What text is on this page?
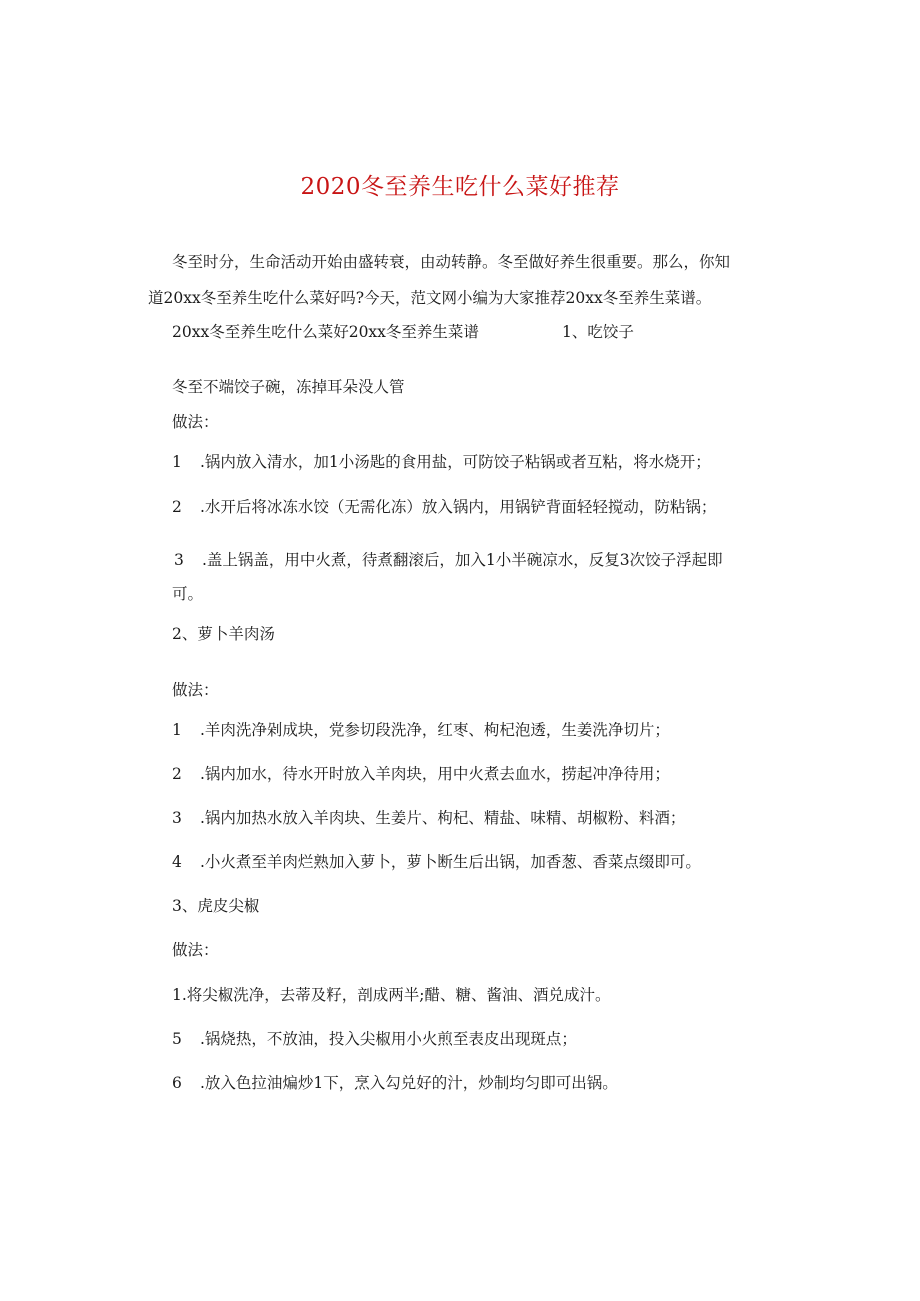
2020冬至养生吃什么菜好推荐
冬至时分，生命活动开始由盛转衰，由动转静。冬至做好养生很重要。那么，你知
道20xx冬至养生吃什么菜好吗?今天，范文网小编为大家推荐20xx冬至养生菜谱。
20xx冬至养生吃什么菜好20xx冬至养生菜谱	1、吃饺子
冬至不端饺子碗，冻掉耳朵没人管
做法：
1 .锅内放入清水，加1小汤匙的食用盐，可防饺子粘锅或者互粘，将水烧开；
2 .水开后将冰冻水饺（无需化冻）放入锅内，用锅铲背面轻轻搅动，防粘锅；
3 .盖上锅盖，用中火煮，待煮翻滚后，加入1小半碗凉水，反复3次饺子浮起即
可。
2、萝卜羊肉汤
做法：
1 .羊肉洗净剁成块，党参切段洗净，红枣、枸杞泡透，生姜洗净切片；
2 .锅内加水，待水开时放入羊肉块，用中火煮去血水，捞起冲净待用；
3 .锅内加热水放入羊肉块、生姜片、枸杞、精盐、味精、胡椒粉、料酒；
4 .小火煮至羊肉烂熟加入萝卜，萝卜断生后出锅，加香葱、香菜点缀即可。
3、虎皮尖椒
做法：
1.将尖椒洗净，去蒂及籽，剖成两半;醋、糖、酱油、酒兑成汁。
5 .锅烧热，不放油，投入尖椒用小火煎至表皮出现斑点；
6 .放入色拉油煸炒1下，烹入勾兑好的汁，炒制均匀即可出锅。
